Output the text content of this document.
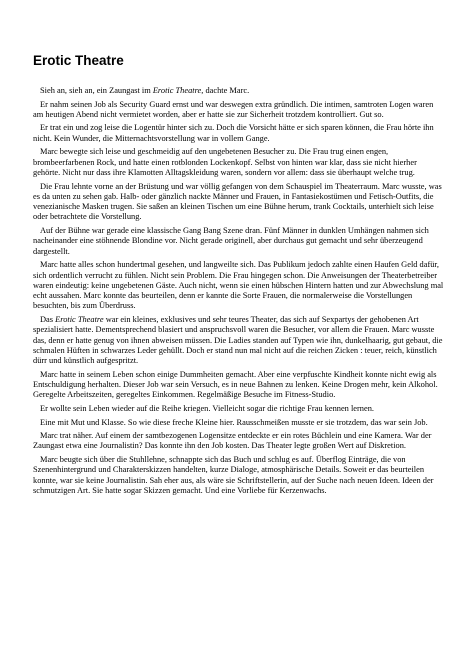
Erotic Theatre

Sieh an, sieh an, ein Zaungast im Erotic Theatre, dachte Marc.

Er nahm seinen Job als Security Guard ernst und war deswegen extra gründlich. Die intimen, samtroten Logen waren am heutigen Abend nicht vermietet worden, aber er hatte sie zur Sicherheit trotzdem kontrolliert. Gut so.

Er trat ein und zog leise die Logentür hinter sich zu. Doch die Vorsicht hätte er sich sparen können, die Frau hörte ihn nicht. Kein Wunder, die Mitternachtsvorstellung war in vollem Gange.

Marc bewegte sich leise und geschmeidig auf den ungebetenen Besucher zu. Die Frau trug einen engen, brombeerfarbenen Rock, und hatte einen rotblonden Lockenkopf. Selbst von hinten war klar, dass sie nicht hierher gehörte. Nicht nur dass ihre Klamotten Alltagskleidung waren, sondern vor allem: dass sie überhaupt welche trug.

Die Frau lehnte vorne an der Brüstung und war völlig gefangen von dem Schauspiel im Theaterraum. Marc wusste, was es da unten zu sehen gab. Halb- oder gänzlich nackte Männer und Frauen, in Fantasiekostümen und Fetisch-Outfits, die venezianische Masken trugen. Sie saßen an kleinen Tischen um eine Bühne herum, trank Cocktails, unterhielt sich leise oder betrachtete die Vorstellung.

Auf der Bühne war gerade eine klassische Gang Bang Szene dran. Fünf Männer in dunklen Umhängen nahmen sich nacheinander eine stöhnende Blondine vor. Nicht gerade originell, aber durchaus gut gemacht und sehr überzeugend dargestellt.

Marc hatte alles schon hundertmal gesehen, und langweilte sich. Das Publikum jedoch zahlte einen Haufen Geld dafür, sich ordentlich verrucht zu fühlen. Nicht sein Problem. Die Frau hingegen schon. Die Anweisungen der Theaterbetreiber waren eindeutig: keine ungebetenen Gäste. Auch nicht, wenn sie einen hübschen Hintern hatten und zur Abwechslung mal echt aussahen. Marc konnte das beurteilen, denn er kannte die Sorte Frauen, die normalerweise die Vorstellungen besuchten, bis zum Überdruss.

Das Erotic Theatre war ein kleines, exklusives und sehr teures Theater, das sich auf Sexpartys der gehobenen Art spezialisiert hatte. Dementsprechend blasiert und anspruchsvoll waren die Besucher, vor allem die Frauen. Marc wusste das, denn er hatte genug von ihnen abweisen müssen. Die Ladies standen auf Typen wie ihn, dunkelhaarig, gut gebaut, die schmalen Hüften in schwarzes Leder gehüllt. Doch er stand nun mal nicht auf die reichen Zicken : teuer, reich, künstlich dürr und künstlich aufgespritzt.

Marc hatte in seinem Leben schon einige Dummheiten gemacht. Aber eine verpfuschte Kindheit konnte nicht ewig als Entschuldigung herhalten. Dieser Job war sein Versuch, es in neue Bahnen zu lenken. Keine Drogen mehr, kein Alkohol. Geregelte Arbeitszeiten, geregeltes Einkommen. Regelmäßige Besuche im Fitness-Studio.

Er wollte sein Leben wieder auf die Reihe kriegen. Vielleicht sogar die richtige Frau kennen lernen.

Eine mit Mut und Klasse. So wie diese freche Kleine hier. Rausschmeißen musste er sie trotzdem, das war sein Job.

Marc trat näher. Auf einem der samtbezogenen Logensitze entdeckte er ein rotes Büchlein und eine Kamera. War der Zaungast etwa eine Journalistin? Das konnte ihn den Job kosten. Das Theater legte großen Wert auf Diskretion.

Marc beugte sich über die Stuhllehne, schnappte sich das Buch und schlug es auf. Überflog Einträge, die von Szenenhintergrund und Charakterskizzen handelten, kurze Dialoge, atmosphärische Details. Soweit er das beurteilen konnte, war sie keine Journalistin. Sah eher aus, als wäre sie Schriftstellerin, auf der Suche nach neuen Ideen. Ideen der schmutzigen Art. Sie hatte sogar Skizzen gemacht. Und eine Vorliebe für Kerzenwachs.
